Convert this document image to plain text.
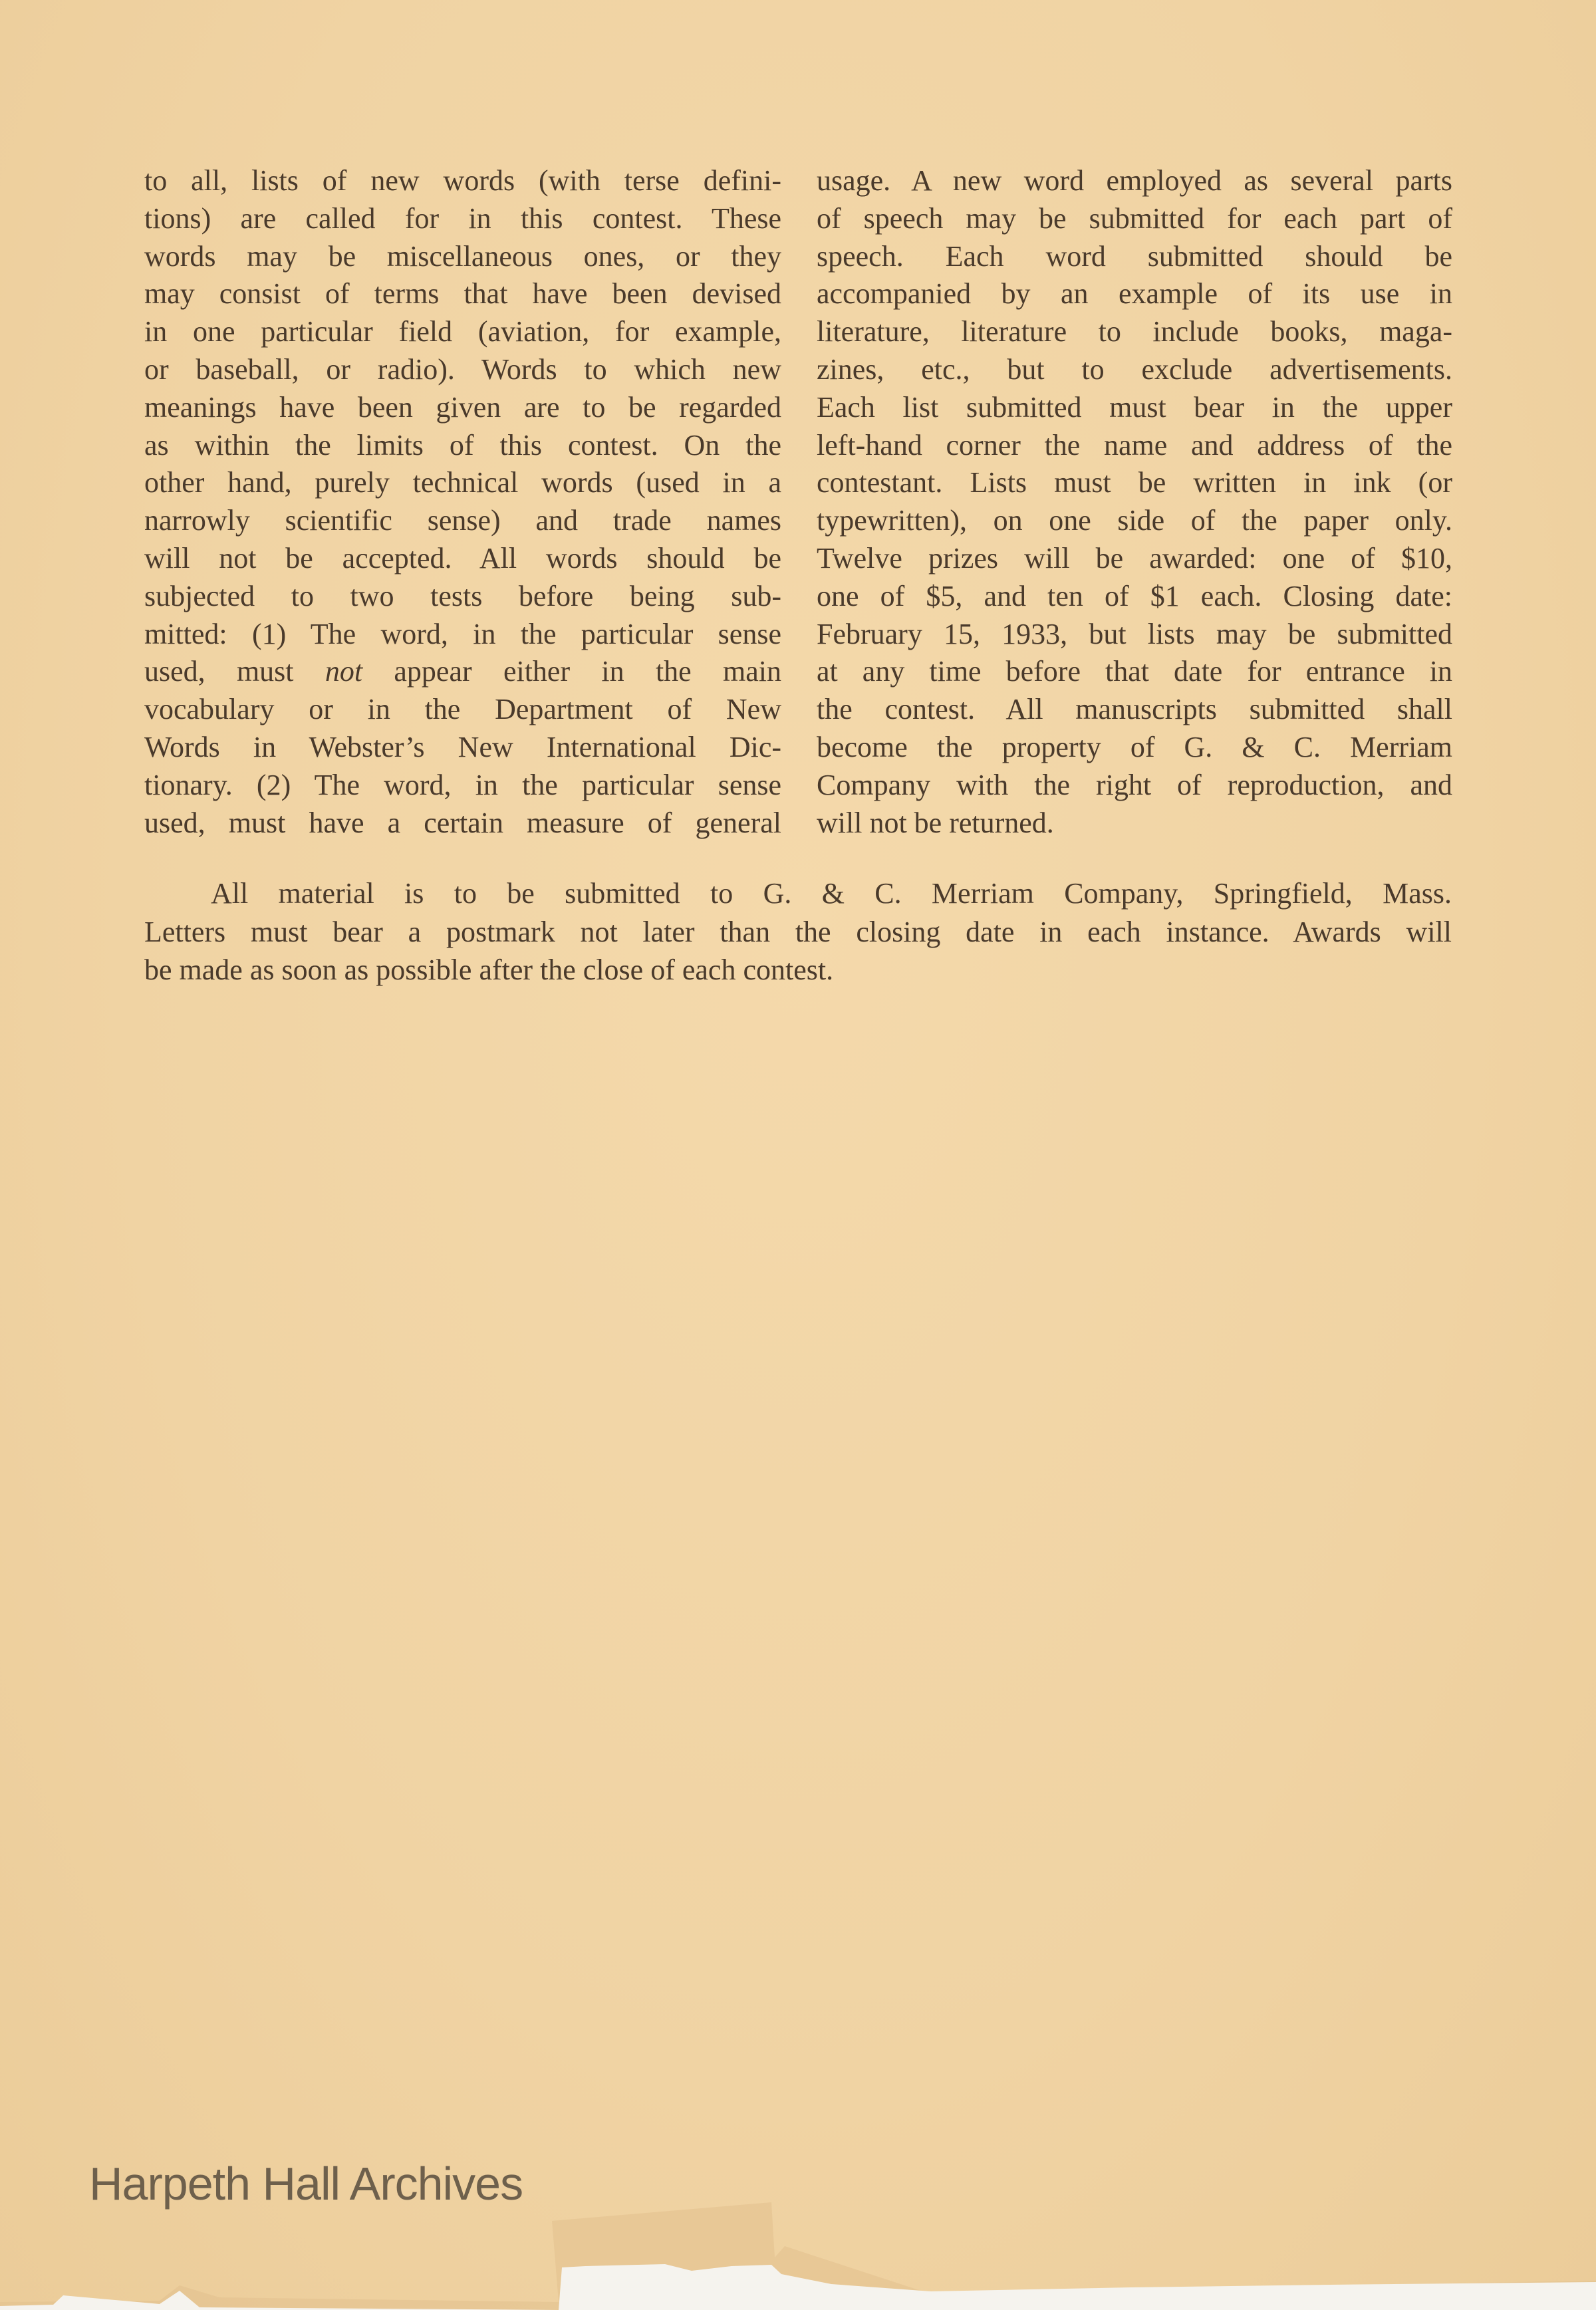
to all, lists of new words (with terse defini-
tions) are called for in this contest. These
words may be miscellaneous ones, or they
may consist of terms that have been devised
in one particular field (aviation, for example,
or baseball, or radio). Words to which new
meanings have been given are to be regarded
as within the limits of this contest. On the
other hand, purely technical words (used in a
narrowly scientific sense) and trade names
will not be accepted. All words should be
subjected to two tests before being sub-
mitted: (1) The word, in the particular sense
used, must not appear either in the main
vocabulary or in the Department of New
Words in Webster’s New International Dic-
tionary. (2) The word, in the particular sense
used, must have a certain measure of general
usage. A new word employed as several parts
of speech may be submitted for each part of
speech. Each word submitted should be
accompanied by an example of its use in
literature, literature to include books, maga-
zines, etc., but to exclude advertisements.
Each list submitted must bear in the upper
left-hand corner the name and address of the
contestant. Lists must be written in ink (or
typewritten), on one side of the paper only.
Twelve prizes will be awarded: one of $10,
one of $5, and ten of $1 each. Closing date:
February 15, 1933, but lists may be submitted
at any time before that date for entrance in
the contest. All manuscripts submitted shall
become the property of G. & C. Merriam
Company with the right of reproduction, and
will not be returned.
All material is to be submitted to G. & C. Merriam Company, Springfield, Mass.
Letters must bear a postmark not later than the closing date in each instance. Awards will
be made as soon as possible after the close of each contest.
Harpeth Hall Archives
